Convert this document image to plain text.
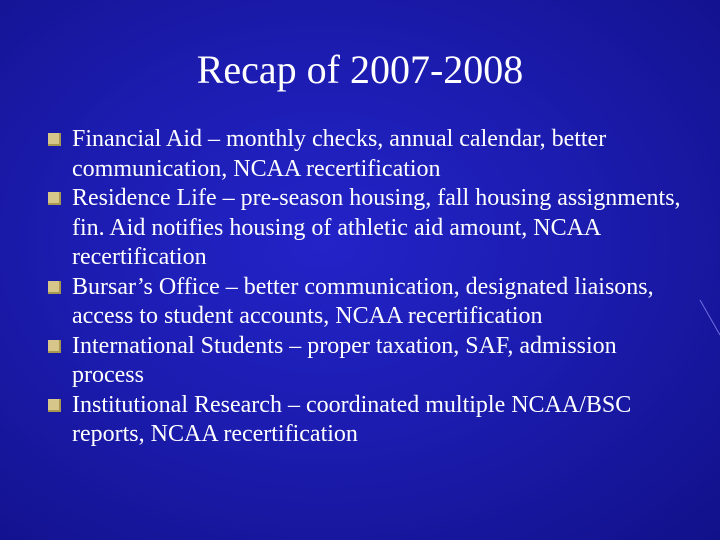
Recap of 2007-2008
Financial Aid – monthly checks, annual calendar, better communication, NCAA recertification
Residence Life – pre-season housing, fall housing assignments, fin. Aid notifies housing of athletic aid amount, NCAA recertification
Bursar’s Office – better communication, designated liaisons, access to student accounts, NCAA recertification
International Students – proper taxation, SAF, admission process
Institutional Research – coordinated multiple NCAA/BSC reports, NCAA recertification
